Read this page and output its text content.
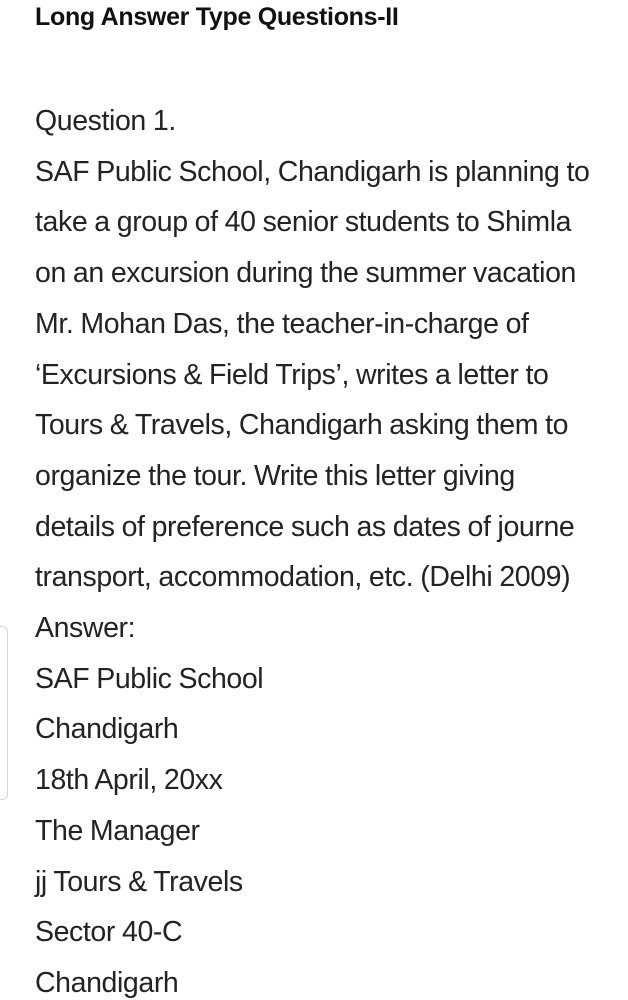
Long Answer Type Questions-II
Question 1.
SAF Public School, Chandigarh is planning to
take a group of 40 senior students to Shimla
on an excursion during the summer vacation
Mr. Mohan Das, the teacher-in-charge of
‘Excursions & Field Trips’, writes a letter to
Tours & Travels, Chandigarh asking them to
organize the tour. Write this letter giving
details of preference such as dates of journe
transport, accommodation, etc. (Delhi 2009)
Answer:
SAF Public School
Chandigarh
18th April, 20xx
The Manager
jj Tours & Travels
Sector 40-C
Chandigarh
